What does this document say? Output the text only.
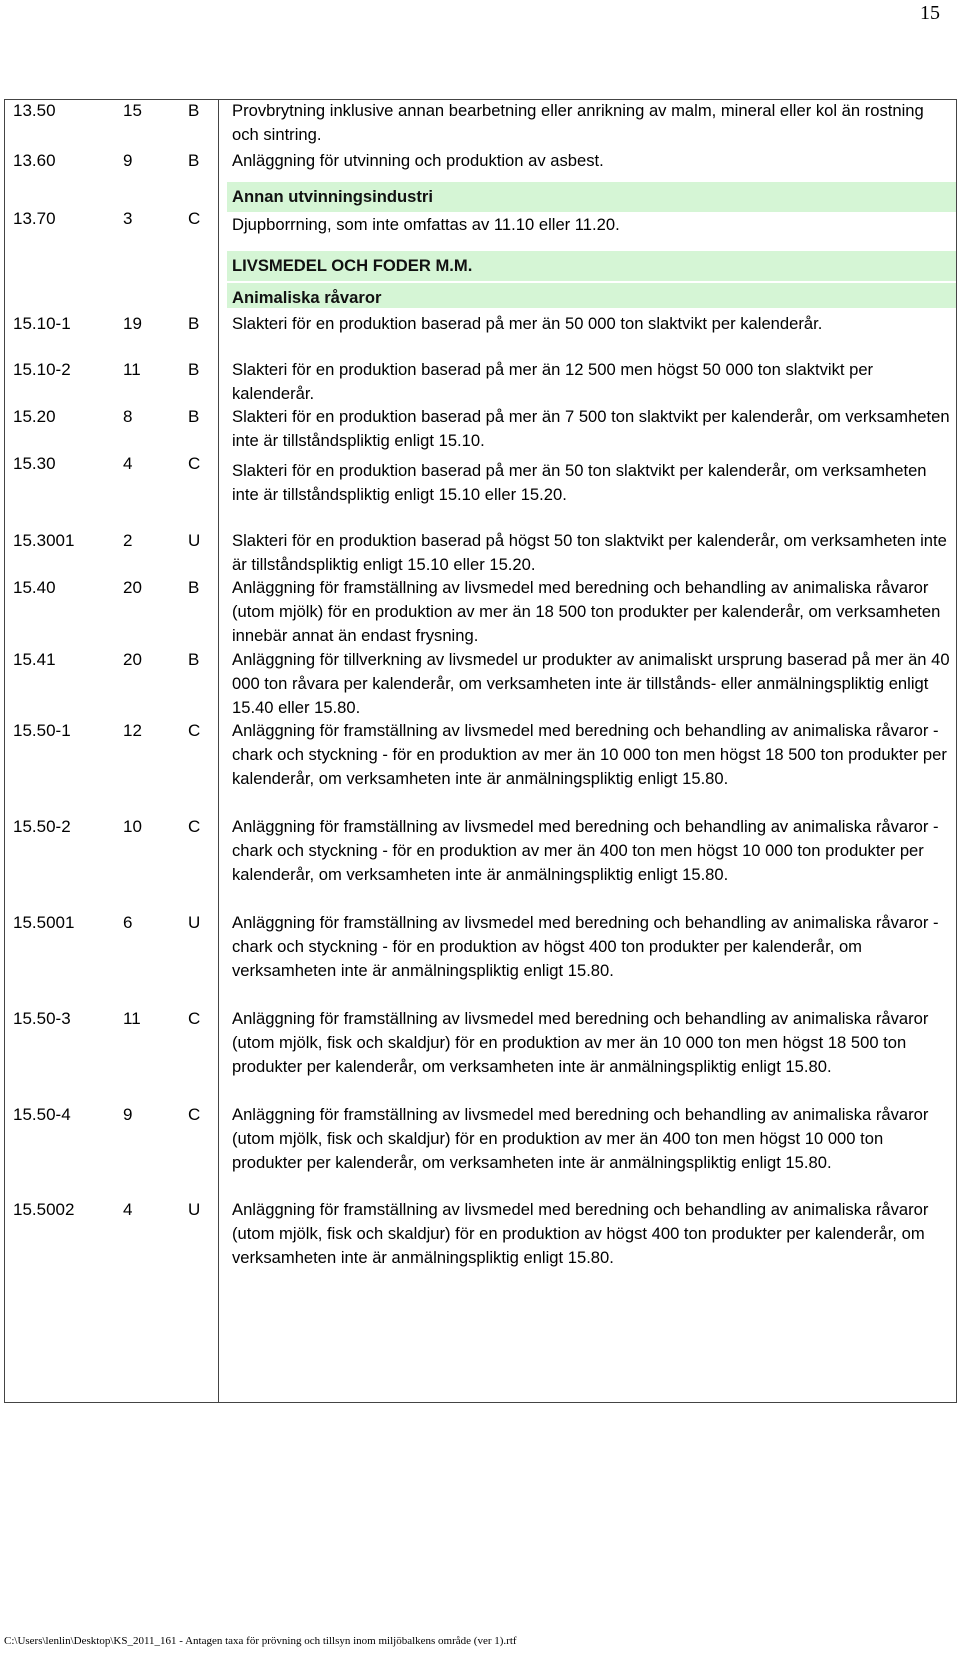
15
13.50	15	B Provbrytning inklusive annan bearbetning eller anrikning av malm, mineral eller kol än rostning och sintring.
13.60	9	B Anläggning för utvinning och produktion av asbest.
Annan utvinningsindustri
13.70	3	C Djupborrning, som inte omfattas av 11.10 eller 11.20.
LIVSMEDEL OCH FODER M.M.
Animaliska råvaror
15.10-1	19	B Slakteri för en produktion baserad på mer än 50 000 ton slaktvikt per kalenderår.
15.10-2	11	B Slakteri för en produktion baserad på mer än 12 500 men högst 50 000 ton slaktvikt per kalenderår.
15.20	8	B Slakteri för en produktion baserad på mer än 7 500 ton slaktvikt per kalenderår, om verksamheten inte är tillståndspliktig enligt 15.10.
15.30	4	C Slakteri för en produktion baserad på mer än 50 ton slaktvikt per kalenderår, om verksamheten inte är tillståndspliktig enligt 15.10 eller 15.20.
15.3001	2	U Slakteri för en produktion baserad på högst 50 ton slaktvikt per kalenderår, om verksamheten inte är tillståndspliktig enligt 15.10 eller 15.20.
15.40	20	B Anläggning för framställning av livsmedel med beredning och behandling av animaliska råvaror (utom mjölk) för en produktion av mer än 18 500 ton produkter per kalenderår, om verksamheten innebär annat än endast frysning.
15.41	20	B Anläggning för tillverkning av livsmedel ur produkter av animaliskt ursprung baserad på mer än 40 000 ton råvara per kalenderår, om verksamheten inte är tillstånds- eller anmälningspliktig enligt 15.40 eller 15.80.
15.50-1	12	C Anläggning för framställning av livsmedel med beredning och behandling av animaliska råvaror - chark och styckning - för en produktion av mer än 10 000 ton men högst 18 500 ton produkter per kalenderår, om verksamheten inte är anmälningspliktig enligt 15.80.
15.50-2	10	C Anläggning för framställning av livsmedel med beredning och behandling av animaliska råvaror - chark och styckning - för en produktion av mer än 400 ton men högst 10 000 ton produkter per kalenderår, om verksamheten inte är anmälningspliktig enligt 15.80.
15.5001	6	U Anläggning för framställning av livsmedel med beredning och behandling av animaliska råvaror - chark och styckning - för en produktion av högst 400 ton produkter per kalenderår, om verksamheten inte är anmälningspliktig enligt 15.80.
15.50-3	11	C Anläggning för framställning av livsmedel med beredning och behandling av animaliska råvaror (utom mjölk, fisk och skaldjur) för en produktion av mer än 10 000 ton men högst 18 500 ton produkter per kalenderår, om verksamheten inte är anmälningspliktig enligt 15.80.
15.50-4	9	C Anläggning för framställning av livsmedel med beredning och behandling av animaliska råvaror (utom mjölk, fisk och skaldjur) för en produktion av mer än 400 ton men högst 10 000 ton produkter per kalenderår, om verksamheten inte är anmälningspliktig enligt 15.80.
15.5002	4	U Anläggning för framställning av livsmedel med beredning och behandling av animaliska råvaror (utom mjölk, fisk och skaldjur) för en produktion av högst 400 ton produkter per kalenderår, om verksamheten inte är anmälningspliktig enligt 15.80.
C:\Users\lenlin\Desktop\KS_2011_161 - Antagen taxa för prövning och tillsyn inom miljöbalkens område (ver 1).rtf
